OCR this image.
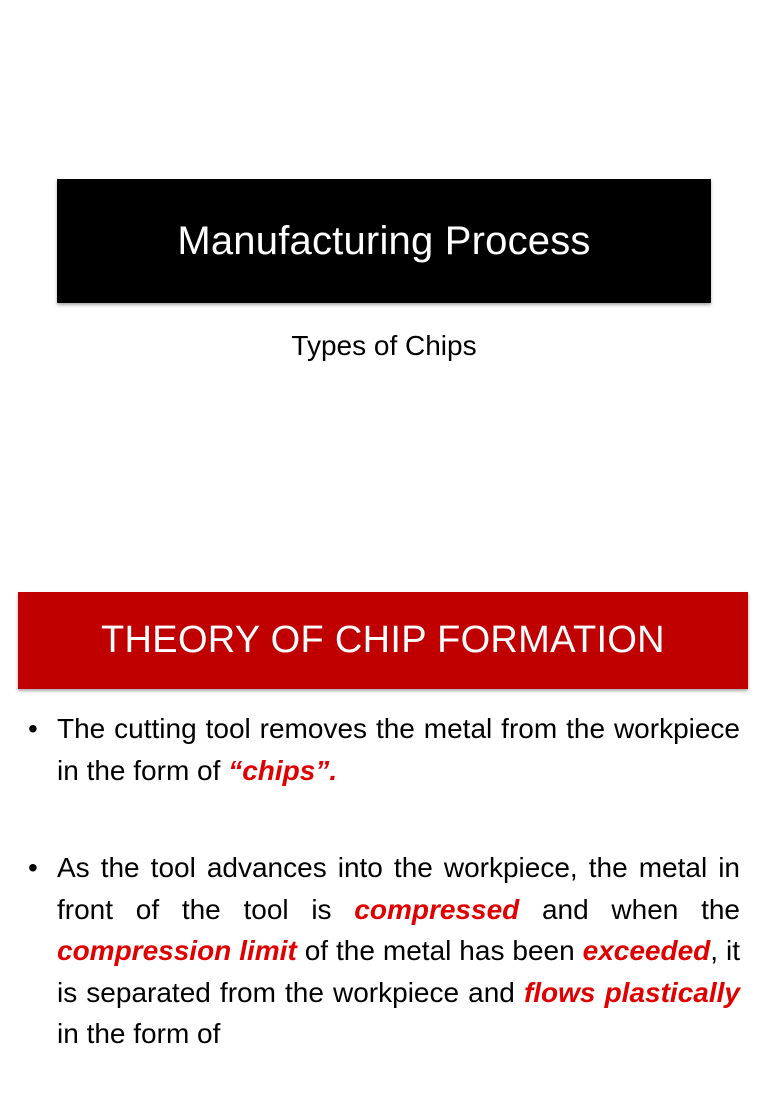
Manufacturing Process
Types of Chips
THEORY OF CHIP FORMATION
• The cutting tool removes the metal from the workpiece in the form of “chips”.
• As the tool advances into the workpiece, the metal in front of the tool is compressed and when the compression limit of the metal has been exceeded, it is separated from the workpiece and flows plastically in the form of
